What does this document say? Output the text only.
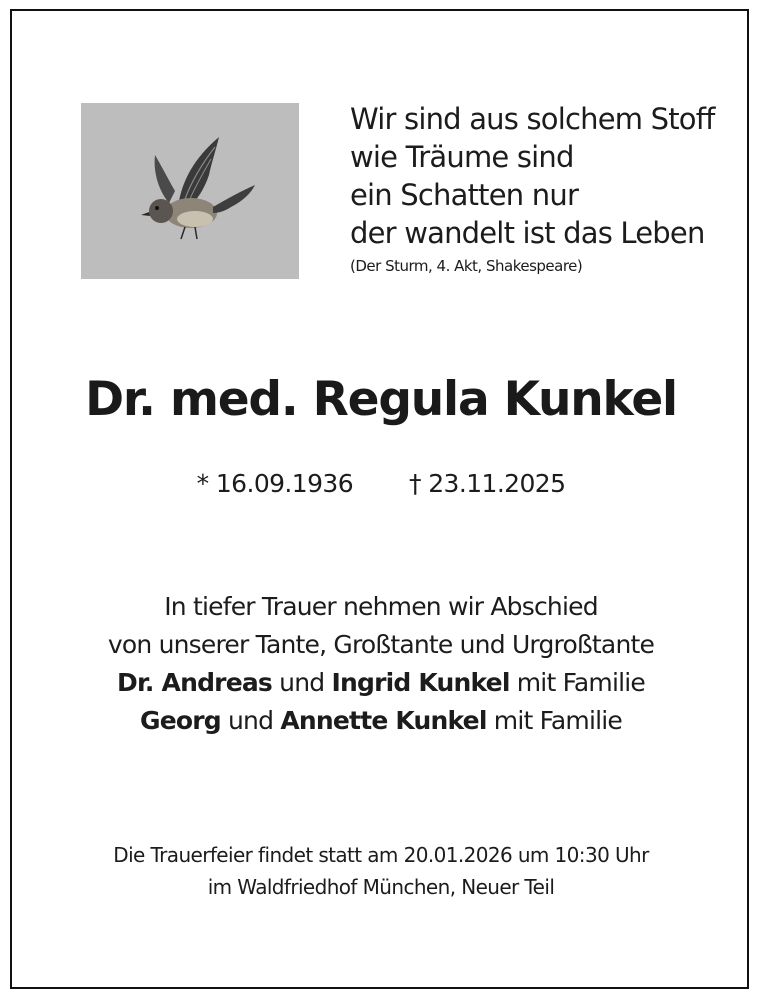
Wir sind aus solchem Stoff
wie Träume sind
ein Schatten nur
der wandelt ist das Leben
(Der Sturm, 4. Akt, Shakespeare)
Dr. med. Regula Kunkel
* 16.09.1936 † 23.11.2025
In tiefer Trauer nehmen wir Abschied
von unserer Tante, Großtante und Urgroßtante
Dr. Andreas und Ingrid Kunkel mit Familie
Georg und Annette Kunkel mit Familie
Die Trauerfeier findet statt am 20.01.2026 um 10:30 Uhr
im Waldfriedhof München, Neuer Teil
